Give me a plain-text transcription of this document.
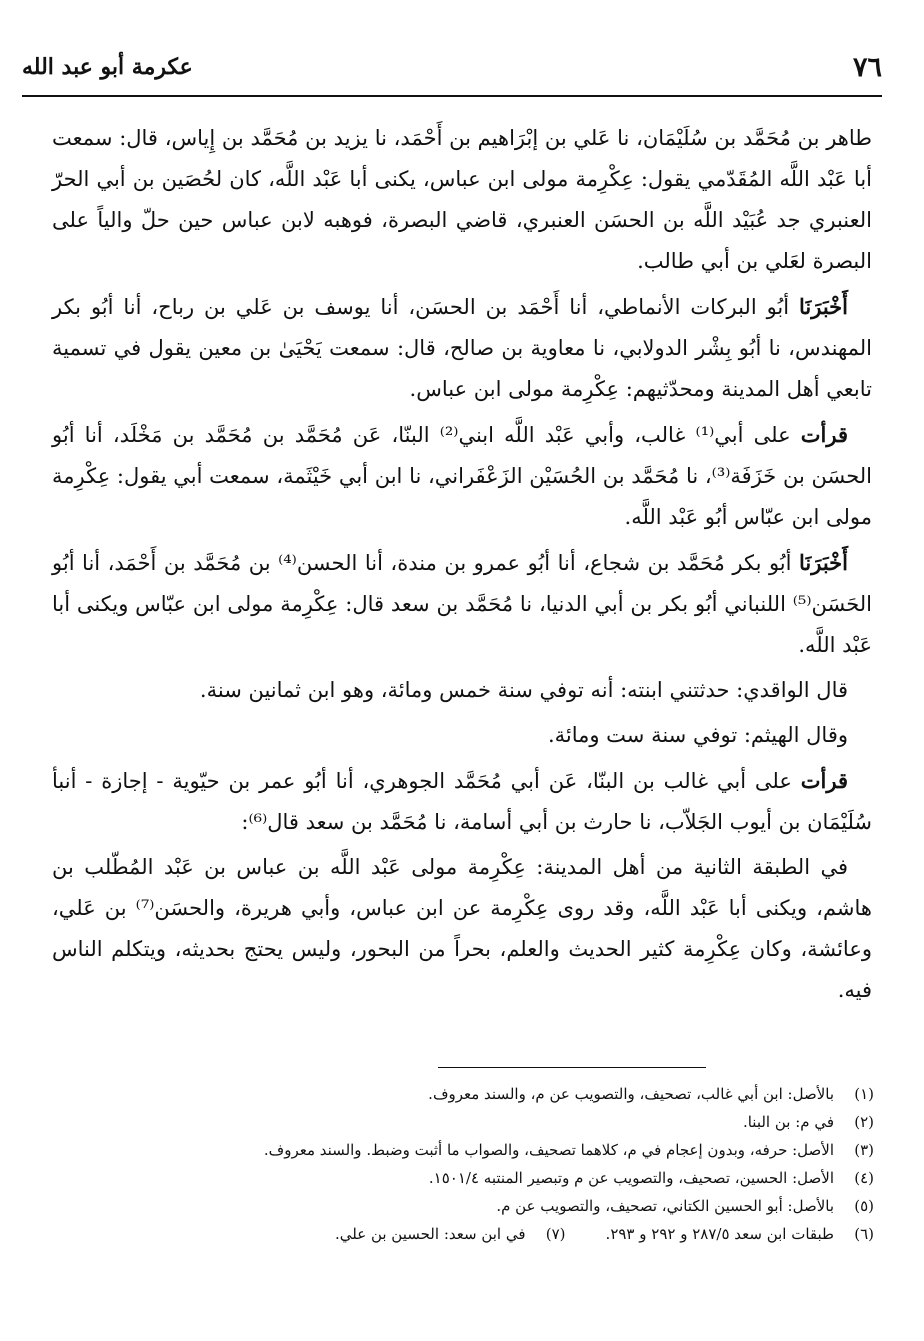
٧٦
عكرمة أبو عبد الله

طاهر بن مُحَمَّد بن سُلَيْمَان، نا عَلي بن إبْرَاهيم بن أَحْمَد، نا يزيد بن مُحَمَّد بن إِياس، قال: سمعت أبا عَبْد اللَّه المُقَدّمي يقول: عِكْرِمة مولى ابن عباس، يكنى أبا عَبْد اللَّه، كان لحُصَين بن أبي الحرّ العنبري جد عُبَيْد اللَّه بن الحسَن العنبري، قاضي البصرة، فوهبه لابن عباس حين حلّ والياً على البصرة لعَلي بن أبي طالب.

أَخْبَرَنَا أبُو البركات الأنماطي، أنا أَحْمَد بن الحسَن، أنا يوسف بن عَلي بن رباح، أنا أبُو بكر المهندس، نا أبُو بِشْر الدولابي، نا معاوية بن صالح، قال: سمعت يَحْيَىٰ بن معين يقول في تسمية تابعي أهل المدينة ومحدّثيهم: عِكْرِمة مولى ابن عباس.

قرأت على أبي⁽¹⁾ غالب، وأبي عَبْد اللَّه ابني⁽²⁾ البنّا، عَن مُحَمَّد بن مُحَمَّد بن مَخْلَد، أنا أبُو الحسَن بن خَزَفَة⁽³⁾، نا مُحَمَّد بن الحُسَيْن الزَعْفَراني، نا ابن أبي خَيْثَمة، سمعت أبي يقول: عِكْرِمة مولى ابن عبّاس أبُو عَبْد اللَّه.

أَخْبَرَنَا أبُو بكر مُحَمَّد بن شجاع، أنا أبُو عمرو بن مندة، أنا الحسن⁽⁴⁾ بن مُحَمَّد بن أَحْمَد، أنا أبُو الحَسَن⁽⁵⁾ اللنباني أبُو بكر بن أبي الدنيا، نا مُحَمَّد بن سعد قال: عِكْرِمة مولى ابن عبّاس ويكنى أبا عَبْد اللَّه.

قال الواقدي: حدثتني ابنته: أنه توفي سنة خمس ومائة، وهو ابن ثمانين سنة.

وقال الهيثم: توفي سنة ست ومائة.

قرأت على أبي غالب بن البنّا، عَن أبي مُحَمَّد الجوهري، أنا أبُو عمر بن حيّوية - إجازة - أنبأ سُلَيْمَان بن أيوب الجَلاّب، نا حارث بن أبي أسامة، نا مُحَمَّد بن سعد قال⁽⁶⁾:

في الطبقة الثانية من أهل المدينة: عِكْرِمة مولى عَبْد اللَّه بن عباس بن عَبْد المُطّلب بن هاشم، ويكنى أبا عَبْد اللَّه، وقد روى عِكْرِمة عن ابن عباس، وأبي هريرة، والحسَن⁽⁷⁾ بن عَلي، وعائشة، وكان عِكْرِمة كثير الحديث والعلم، بحراً من البحور، وليس يحتج بحديثه، ويتكلم الناس فيه.

(١)
بالأصل: ابن أبي غالب، تصحيف، والتصويب عن م، والسند معروف.
(٢)
في م: بن البنا.
(٣)
الأصل: حرفه، وبدون إعجام في م، كلاهما تصحيف، والصواب ما أثبت وضبط. والسند معروف.
(٤)
الأصل: الحسين، تصحيف، والتصويب عن م وتبصير المنتبه ١٥٠١/٤.
(٥)
بالأصل: أبو الحسين الكتاني، تصحيف، والتصويب عن م.
(٦)
طبقات ابن سعد ٢٨٧/٥ و ٢٩٢ و ٢٩٣.
(٧)
في ابن سعد: الحسين بن علي.
